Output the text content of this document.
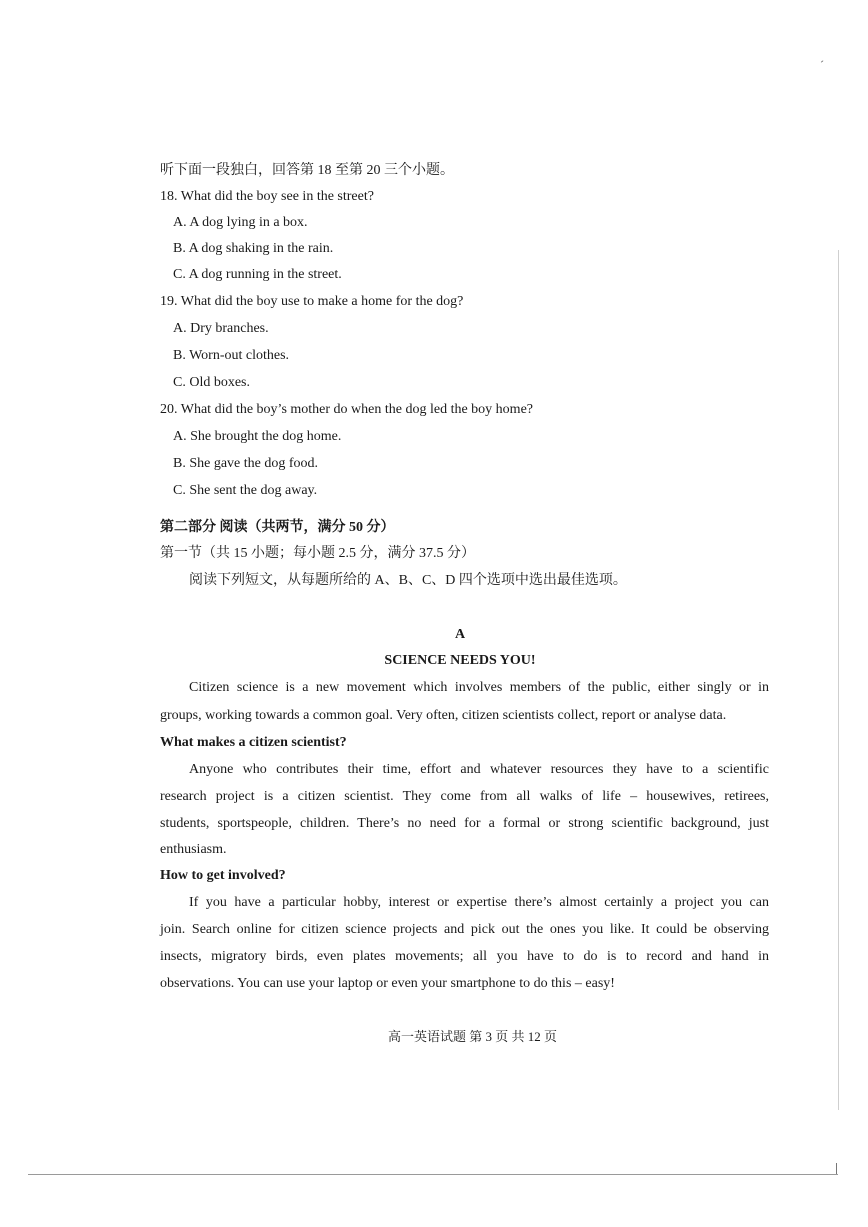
ˊ
听下面一段独白，回答第 18 至第 20 三个小题。
18. What did the boy see in the street?
A. A dog lying in a box.
B. A dog shaking in the rain.
C. A dog running in the street.
19. What did the boy use to make a home for the dog?
A. Dry branches.
B. Worn-out clothes.
C. Old boxes.
20. What did the boy’s mother do when the dog led the boy home?
A. She brought the dog home.
B. She gave the dog food.
C. She sent the dog away.
第二部分 阅读（共两节，满分 50 分）
第一节（共 15 小题；每小题 2.5 分，满分 37.5 分）
阅读下列短文，从每题所给的 A、B、C、D 四个选项中选出最佳选项。
A
SCIENCE NEEDS YOU!
Citizen science is a new movement which involves members of the public, either singly or in
groups, working towards a common goal. Very often, citizen scientists collect, report or analyse data.
What makes a citizen scientist?
Anyone who contributes their time, effort and whatever resources they have to a scientific
research project is a citizen scientist. They come from all walks of life – housewives, retirees,
students, sportspeople, children. There’s no need for a formal or strong scientific background, just
enthusiasm.
How to get involved?
If you have a particular hobby, interest or expertise there’s almost certainly a project you can
join. Search online for citizen science projects and pick out the ones you like. It could be observing
insects, migratory birds, even plates movements; all you have to do is to record and hand in
observations. You can use your laptop or even your smartphone to do this – easy!
高一英语试题 第 3 页 共 12 页
